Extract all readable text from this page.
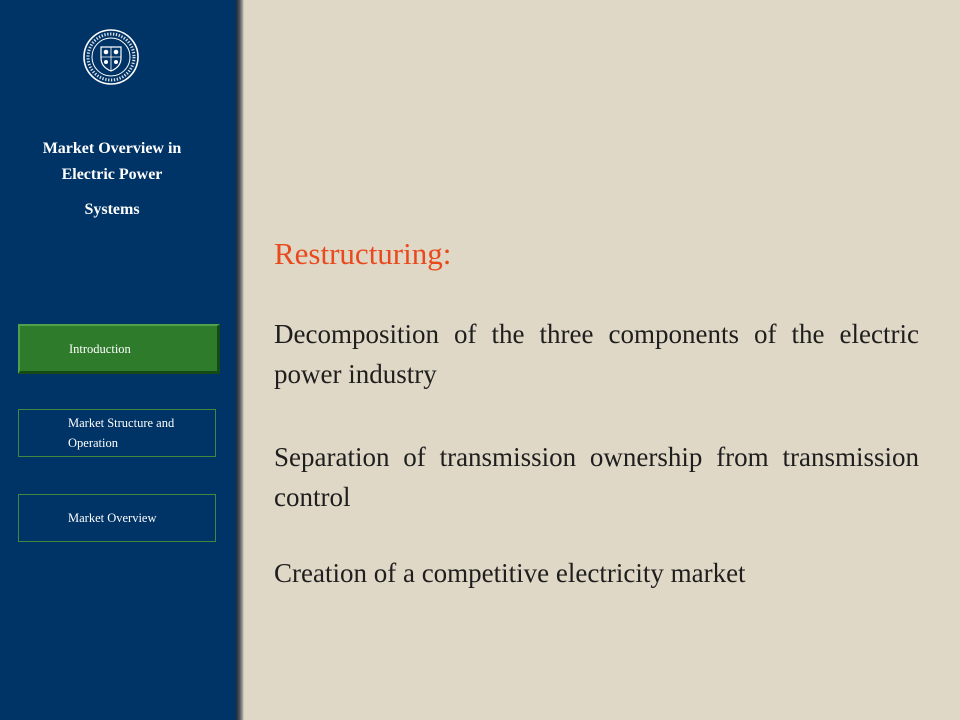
Market Overview in
Electric Power
Systems
Introduction
Market Structure and Operation
Market Overview
Restructuring:
Decomposition of the three components of the electric power industry
Separation of transmission ownership from transmission control
Creation of a competitive electricity market
